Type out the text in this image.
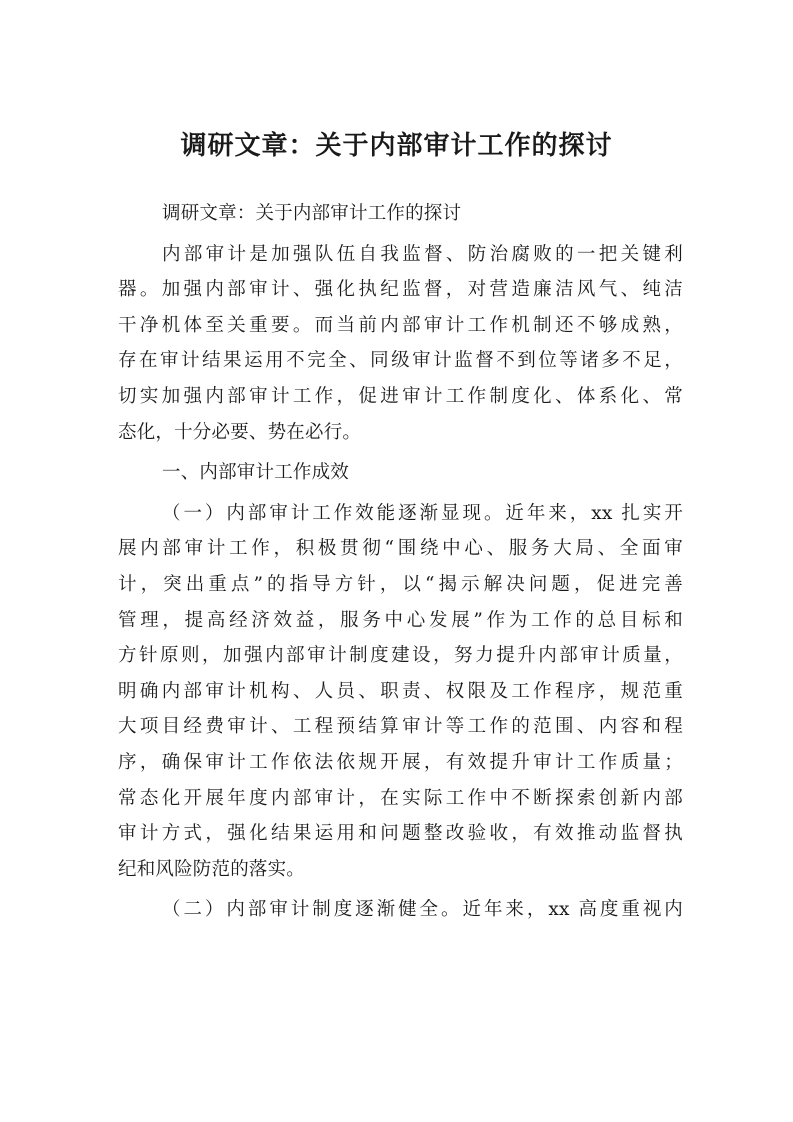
调研文章：关于内部审计工作的探讨
调研文章：关于内部审计工作的探讨
内部审计是加强队伍自我监督、防治腐败的一把关键利
器。加强内部审计、强化执纪监督，对营造廉洁风气、纯洁
干净机体至关重要。而当前内部审计工作机制还不够成熟，
存在审计结果运用不完全、同级审计监督不到位等诸多不足，
切实加强内部审计工作，促进审计工作制度化、体系化、常
态化，十分必要、势在必行。
一、内部审计工作成效
（一）内部审计工作效能逐渐显现。近年来，xx 扎实开
展内部审计工作，积极贯彻“围绕中心、服务大局、全面审
计，突出重点”的指导方针，以“揭示解决问题，促进完善
管理，提高经济效益，服务中心发展”作为工作的总目标和
方针原则，加强内部审计制度建设，努力提升内部审计质量，
明确内部审计机构、人员、职责、权限及工作程序，规范重
大项目经费审计、工程预结算审计等工作的范围、内容和程
序，确保审计工作依法依规开展，有效提升审计工作质量；
常态化开展年度内部审计，在实际工作中不断探索创新内部
审计方式，强化结果运用和问题整改验收，有效推动监督执
纪和风险防范的落实。
（二）内部审计制度逐渐健全。近年来，xx 高度重视内
